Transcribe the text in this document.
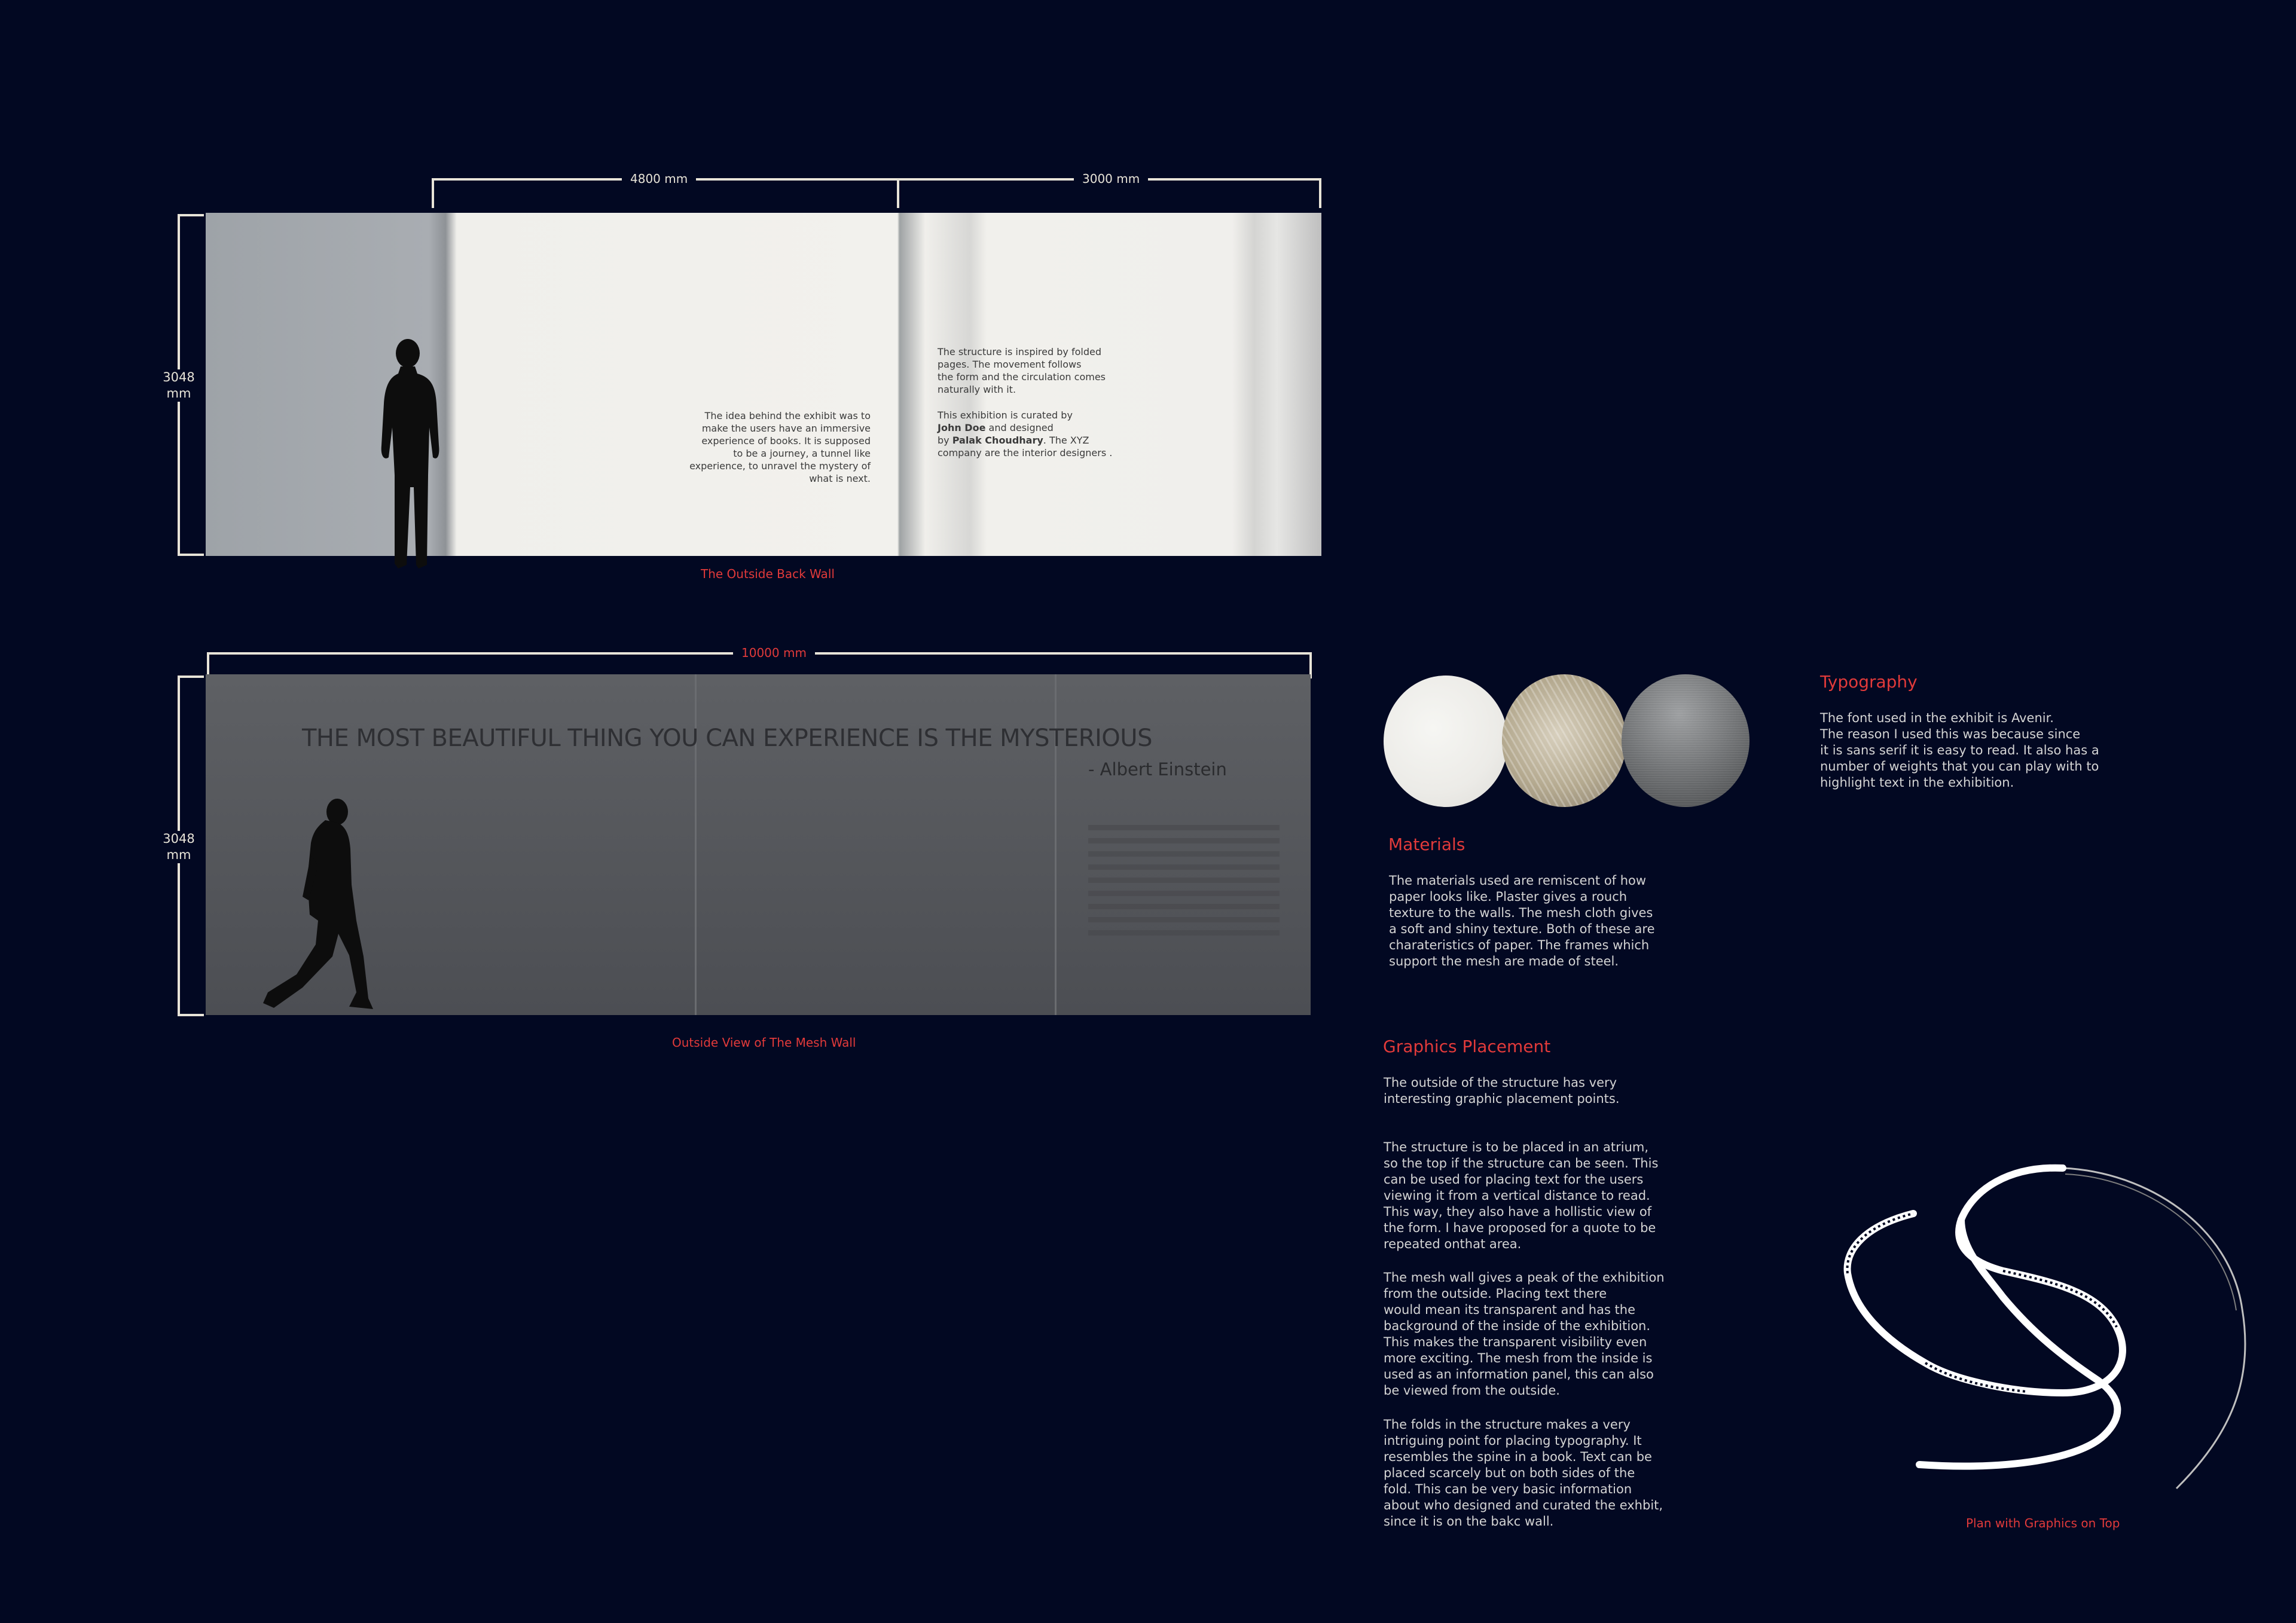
4800 mm	3000 mm
3048
mm
The idea behind the exhibit was to
make the users have an immersive
experience of books. It is supposed
to be a journey, a tunnel like
experience, to unravel the mystery of
what is next.
The structure is inspired by folded
pages. The movement follows
the form and the circulation comes
naturally with it.
This exhibition is curated by
John Doe and designed
by Palak Choudhary. The XYZ
company are the interior designers .
The Outside Back Wall
10000 mm
3048
mm
THE MOST BEAUTIFUL THING YOU CAN EXPERIENCE IS THE MYSTERIOUS
- Albert Einstein
Outside View of The Mesh Wall
Materials
The materials used are remiscent of how
paper looks like. Plaster gives a rouch
texture to the walls. The mesh cloth gives
a soft and shiny texture. Both of these are
charateristics of paper. The frames which
support the mesh are made of steel.
Typography
The font used in the exhibit is Avenir.
The reason I used this was because since
it is sans serif it is easy to read. It also has a
number of weights that you can play with to
highlight text in the exhibition.
Graphics Placement
The outside of the structure has very
interesting graphic placement points.
The structure is to be placed in an atrium,
so the top if the structure can be seen. This
can be used for placing text for the users
viewing it from a vertical distance to read.
This way, they also have a hollistic view of
the form. I have proposed for a quote to be
repeated onthat area.
The mesh wall gives a peak of the exhibition
from the outside. Placing text there
would mean its transparent and has the
background of the inside of the exhibition.
This makes the transparent visibility even
more exciting. The mesh from the inside is
used as an information panel, this can also
be viewed from the outside.
The folds in the structure makes a very
intriguing point for placing typography. It
resembles the spine in a book. Text can be
placed scarcely but on both sides of the
fold. This can be very basic information
about who designed and curated the exhbit,
since it is on the bakc wall.	Plan with Graphics on Top
